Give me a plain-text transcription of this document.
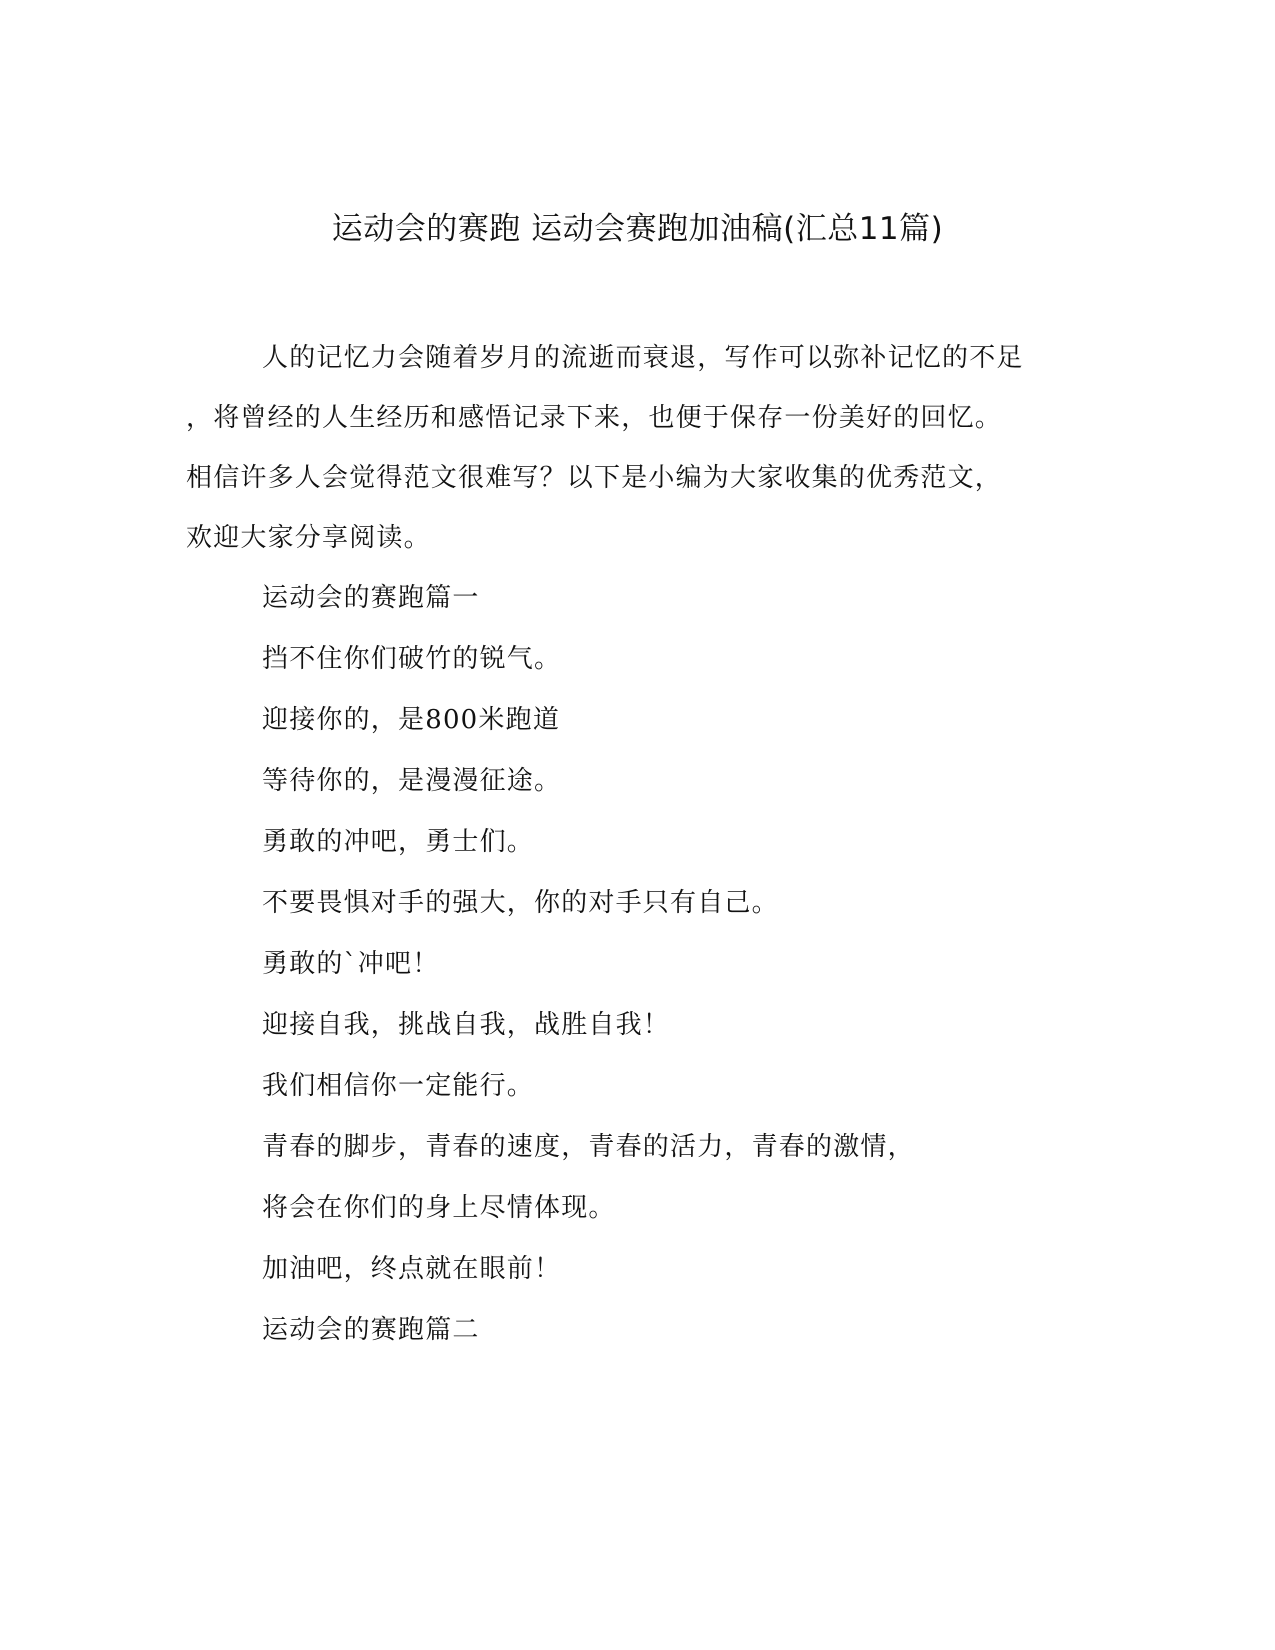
运动会的赛跑 运动会赛跑加油稿(汇总11篇)
人的记忆力会随着岁月的流逝而衰退，写作可以弥补记忆的不足
，将曾经的人生经历和感悟记录下来，也便于保存一份美好的回忆。
相信许多人会觉得范文很难写？以下是小编为大家收集的优秀范文，
欢迎大家分享阅读。
运动会的赛跑篇一
挡不住你们破竹的锐气。
迎接你的，是800米跑道
等待你的，是漫漫征途。
勇敢的冲吧，勇士们。
不要畏惧对手的强大，你的对手只有自己。
勇敢的`冲吧！
迎接自我，挑战自我，战胜自我！
我们相信你一定能行。
青春的脚步，青春的速度，青春的活力，青春的激情，
将会在你们的身上尽情体现。
加油吧，终点就在眼前！
运动会的赛跑篇二
